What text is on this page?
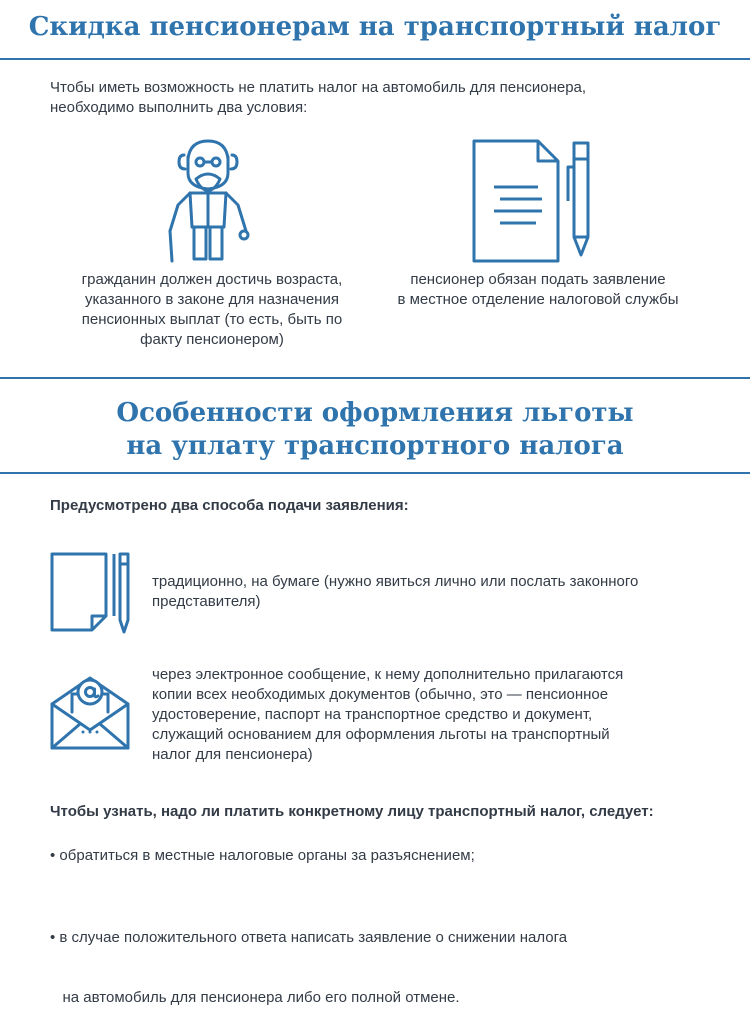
Скидка пенсионерам на транспортный налог
Чтобы иметь возможность не платить налог на автомобиль для пенсионера,
необходимо выполнить два условия:
гражданин должен достичь возраста,
указанного в законе для назначения
пенсионных выплат (то есть, быть по
факту пенсионером)
пенсионер обязан подать заявление
в местное отделение налоговой службы
Особенности оформления льготы
на уплату транспортного налога
Предусмотрено два способа подачи заявления:
традиционно, на бумаге (нужно явиться лично или послать законного
представителя)
через электронное сообщение, к нему дополнительно прилагаются
копии всех необходимых документов (обычно, это — пенсионное
удостоверение, паспорт на транспортное средство и документ,
служащий основанием для оформления льготы на транспортный
налог для пенсионера)
Чтобы узнать, надо ли платить конкретному лицу транспортный налог, следует:
• обратиться в местные налоговые органы за разъяснением;

• в случае положительного ответа написать заявление о снижении налога

на автомобиль для пенсионера либо его полной отмене.
